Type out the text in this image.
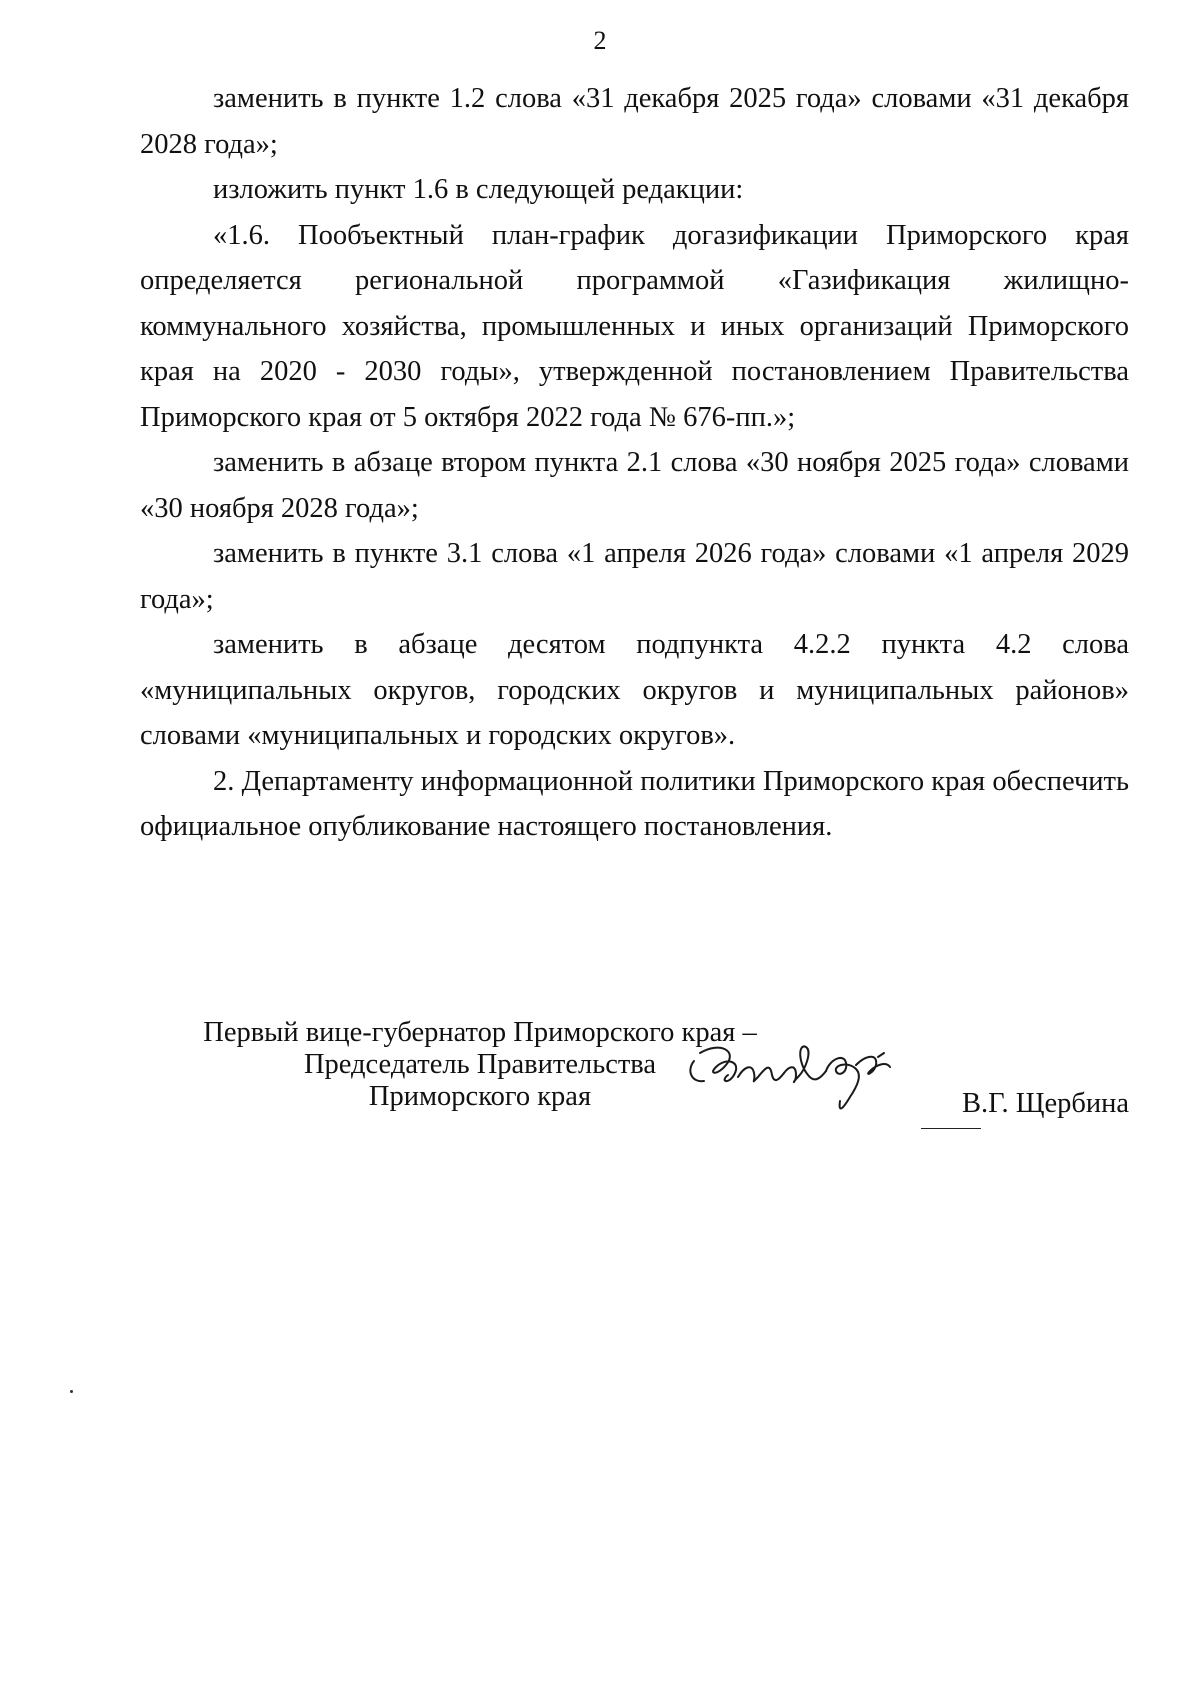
2

заменить в пункте 1.2 слова «31 декабря 2025 года» словами «31 декабря 2028 года»;

изложить пункт 1.6 в следующей редакции:

«1.6. Пообъектный план-график догазификации Приморского края определяется региональной программой «Газификация жилищно-коммунального хозяйства, промышленных и иных организаций Приморского края на 2020 - 2030 годы», утвержденной постановлением Правительства Приморского края от 5 октября 2022 года № 676-пп.»;

заменить в абзаце втором пункта 2.1 слова «30 ноября 2025 года» словами «30 ноября 2028 года»;

заменить в пункте 3.1 слова «1 апреля 2026 года» словами «1 апреля 2029 года»;

заменить в абзаце десятом подпункта 4.2.2 пункта 4.2 слова «муниципальных округов, городских округов и муниципальных районов» словами «муниципальных и городских округов».

2. Департаменту информационной политики Приморского края обеспечить официальное опубликование настоящего постановления.

Первый вице-губернатор Приморского края –
Председатель Правительства
Приморского края	В.Г. Щербина
